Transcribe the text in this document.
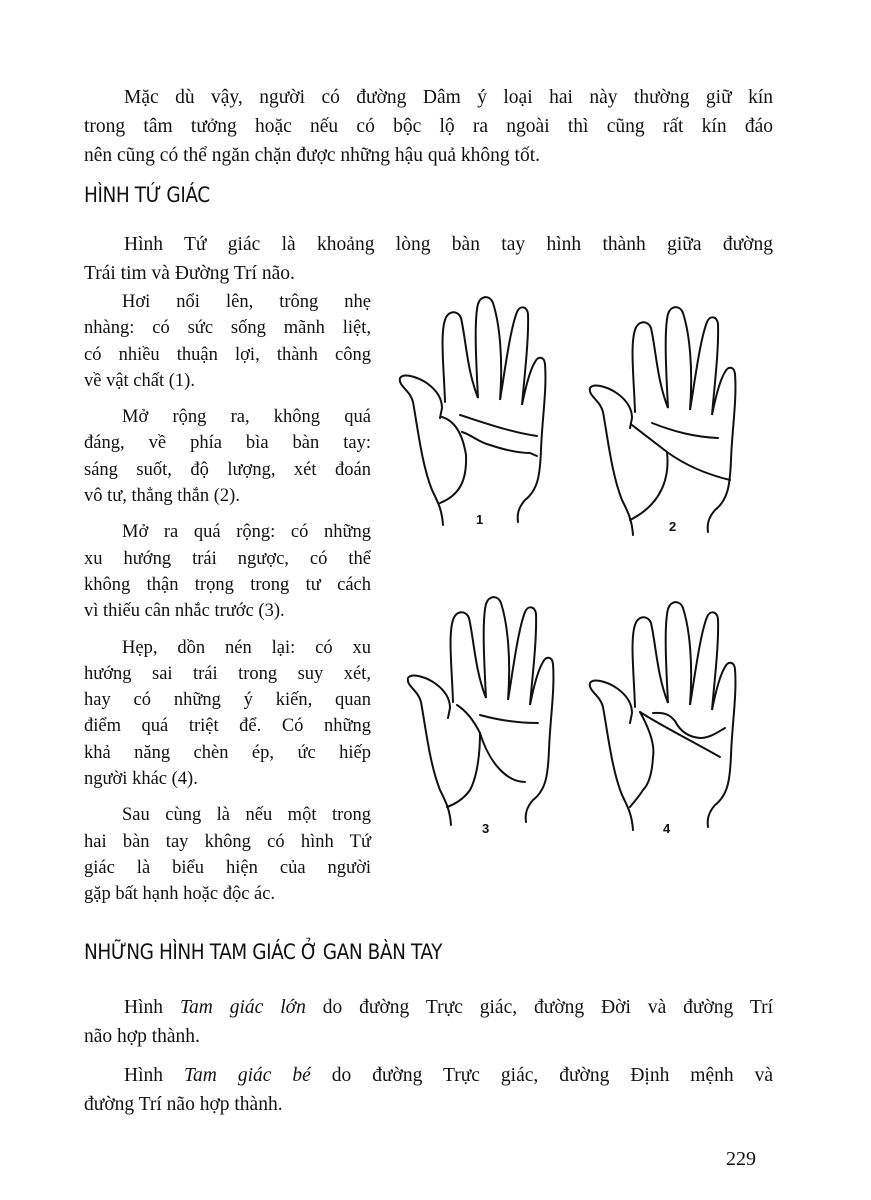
Mặc dù vậy, người có đường Dâm ý loại hai này thường giữ kín
trong tâm tưởng hoặc nếu có bộc lộ ra ngoài thì cũng rất kín đáo
nên cũng có thể ngăn chặn được những hậu quả không tốt.
HÌNH TỨ GIÁC
Hình Tứ giác là khoảng lòng bàn tay hình thành giữa đường
Trái tim và Đường Trí não.
Hơi nổi lên, trông nhẹ
nhàng: có sức sống mãnh liệt,
có nhiều thuận lợi, thành công
về vật chất (1).
Mở rộng ra, không quá
đáng, về phía bìa bàn tay:
sáng suốt, độ lượng, xét đoán
vô tư, thẳng thắn (2).
Mở ra quá rộng: có những
xu hướng trái ngược, có thể
không thận trọng trong tư cách
vì thiếu cân nhắc trước (3).
Hẹp, dồn nén lại: có xu
hướng sai trái trong suy xét,
hay có những ý kiến, quan
điểm quá triệt để. Có những
khả năng chèn ép, ức hiếp
người khác (4).
Sau cùng là nếu một trong
hai bàn tay không có hình Tứ
giác là biểu hiện của người
gặp bất hạnh hoặc độc ác.
1	2
3	4
NHỮNG HÌNH TAM GIÁC Ở GAN BÀN TAY
Hình Tam giác lớn do đường Trực giác, đường Đời và đường Trí
não hợp thành.
Hình Tam giác bé do đường Trực giác, đường Định mệnh và
đường Trí não hợp thành.
229
